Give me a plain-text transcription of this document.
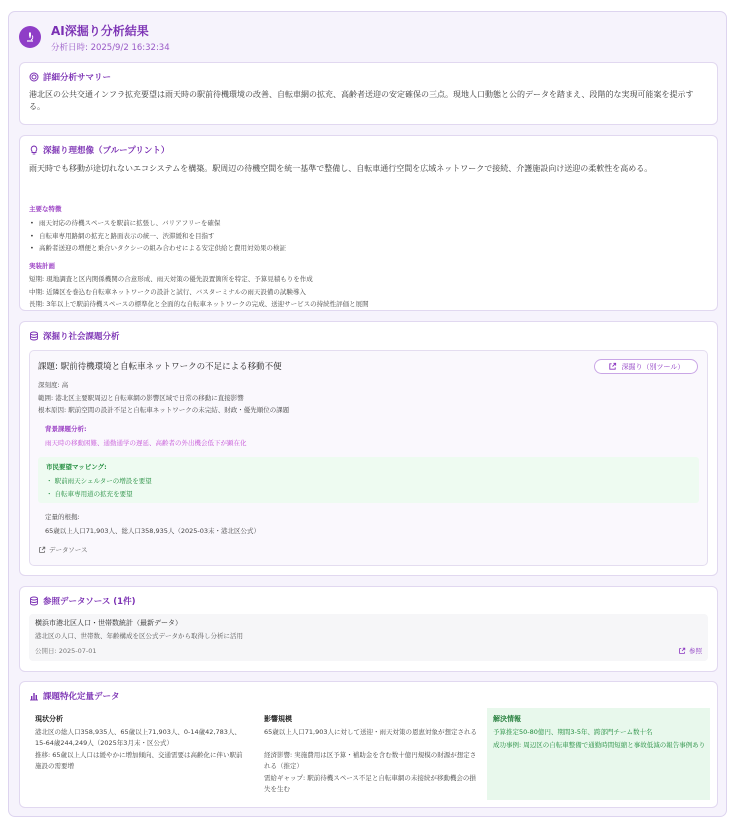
AI深掘り分析結果
分析日時: 2025/9/2 16:32:34
詳細分析サマリー
港北区の公共交通インフラ拡充要望は雨天時の駅前待機環境の改善、自転車網の拡充、高齢者送迎の安定確保の三点。現地人口動態と公的データを踏まえ、段階的な実現可能案を提示する。
深掘り理想像（ブループリント）
雨天時でも移動が途切れないエコシステムを構築。駅周辺の待機空間を統一基準で整備し、自転車通行空間を広域ネットワークで接続、介護施設向け送迎の柔軟性を高める。
主要な特徴
• 雨天対応の待機スペースを駅前に拡張し、バリアフリーを確保
• 自転車専用路網の拡充と路面表示の統一、渋滞緩和を目指す
• 高齢者送迎の増便と乗合いタクシーの組み合わせによる安定供給と費用対効果の検証
実装計画
短期: 現地調査と区内関係機関の合意形成、雨天対策の優先設置箇所を特定、予算見積もりを作成
中期: 近隣区を巻込む自転車ネットワークの設計と試行、バスターミナルの雨天設備の試験導入
長期: 3年以上で駅前待機スペースの標準化と全面的な自転車ネットワークの完成、送迎サービスの持続性評価と展開
深掘り社会課題分析
課題: 駅前待機環境と自転車ネットワークの不足による移動不便	深掘り（別ツール）
深刻度: 高
範囲: 港北区主要駅周辺と自転車網の影響区域で日常の移動に直接影響
根本原因: 駅前空間の設計不足と自転車ネットワークの未完結、財政・優先順位の課題
背景課題分析:
雨天時の移動困難、通勤通学の遅延、高齢者の外出機会低下が顕在化
市民要望マッピング:
・ 駅前雨天シェルターの増設を要望
・ 自転車専用道の拡充を要望
定量的根拠:
65歳以上人口71,903人、総人口358,935人（2025-03末・港北区公式）
データソース
参照データソース (1件)
横浜市港北区人口・世帯数統計（最新データ）
港北区の人口、世帯数、年齢構成を区公式データから取得し分析に活用
公開日: 2025-07-01	参照
課題特化定量データ
現状分析
港北区の総人口358,935人、65歳以上71,903人、0-14歳42,783人、15-64歳244,249人（2025年3月末・区公式）
推移: 65歳以上人口は緩やかに増加傾向、交通需要は高齢化に伴い駅前施設の需要増
影響規模
65歳以上人口71,903人に対して送迎・雨天対策の恩恵対象が想定される
経済影響: 実施費用は区予算・補助金を含む数十億円規模の財源が想定される（推定）
需給ギャップ: 駅前待機スペース不足と自転車網の未接続が移動機会の損失を生む
解決情報
予算推定50-80億円、期間3-5年、跨部門チーム数十名
成功事例: 周辺区の自転車整備で通勤時間短縮と事故低減の報告事例あり
